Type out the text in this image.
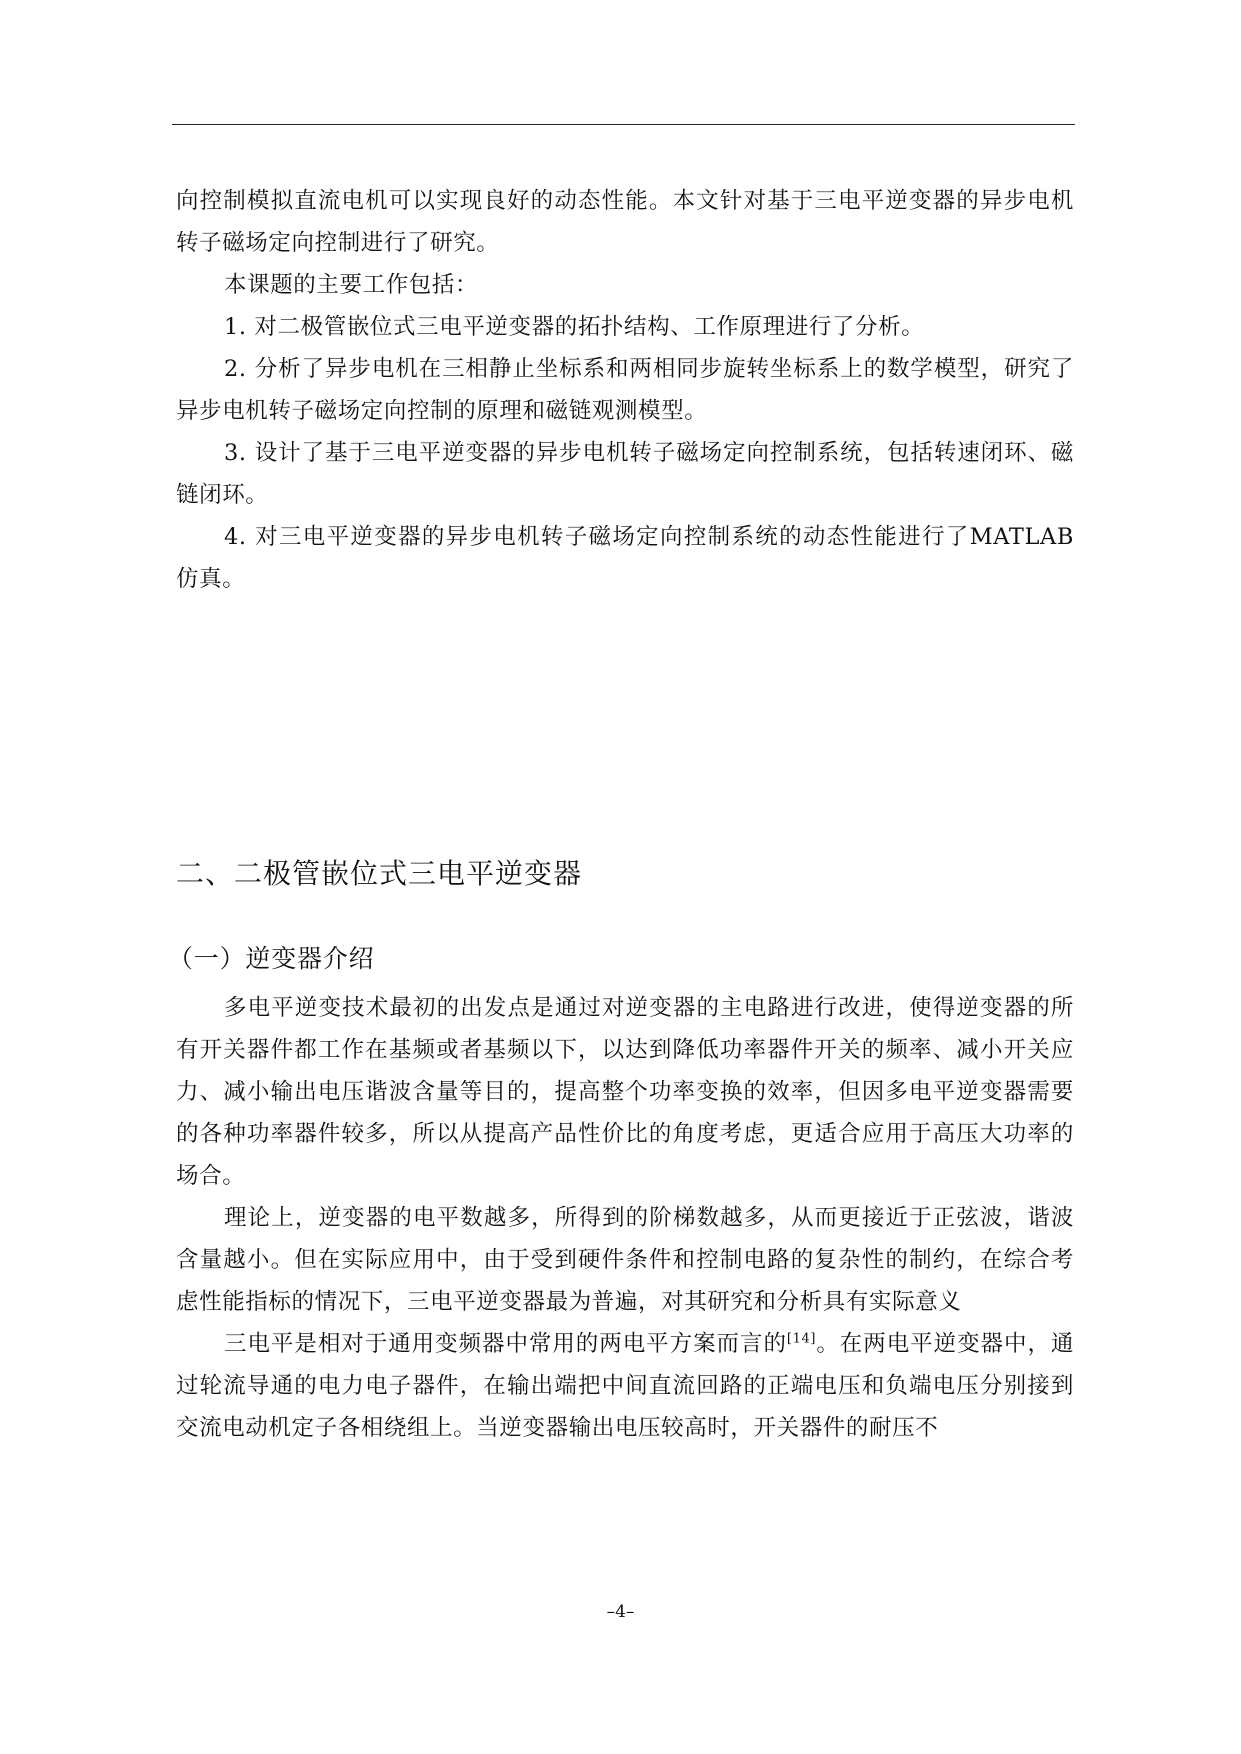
向控制模拟直流电机可以实现良好的动态性能。本文针对基于三电平逆变器的异步电机转子磁场定向控制进行了研究。

本课题的主要工作包括：

1. 对二极管嵌位式三电平逆变器的拓扑结构、工作原理进行了分析。

2. 分析了异步电机在三相静止坐标系和两相同步旋转坐标系上的数学模型，研究了异步电机转子磁场定向控制的原理和磁链观测模型。

3. 设计了基于三电平逆变器的异步电机转子磁场定向控制系统，包括转速闭环、磁链闭环。

4. 对三电平逆变器的异步电机转子磁场定向控制系统的动态性能进行了MATLAB 仿真。

二、二极管嵌位式三电平逆变器
（一）逆变器介绍

多电平逆变技术最初的出发点是通过对逆变器的主电路进行改进，使得逆变器的所有开关器件都工作在基频或者基频以下，以达到降低功率器件开关的频率、减小开关应力、减小输出电压谐波含量等目的，提高整个功率变换的效率，但因多电平逆变器需要的各种功率器件较多，所以从提高产品性价比的角度考虑，更适合应用于高压大功率的场合。

理论上，逆变器的电平数越多，所得到的阶梯数越多，从而更接近于正弦波，谐波含量越小。但在实际应用中，由于受到硬件条件和控制电路的复杂性的制约，在综合考虑性能指标的情况下，三电平逆变器最为普遍，对其研究和分析具有实际意义

三电平是相对于通用变频器中常用的两电平方案而言的[14]。在两电平逆变器中，通过轮流导通的电力电子器件，在输出端把中间直流回路的正端电压和负端电压分别接到交流电动机定子各相绕组上。当逆变器输出电压较高时，开关器件的耐压不

–4–
